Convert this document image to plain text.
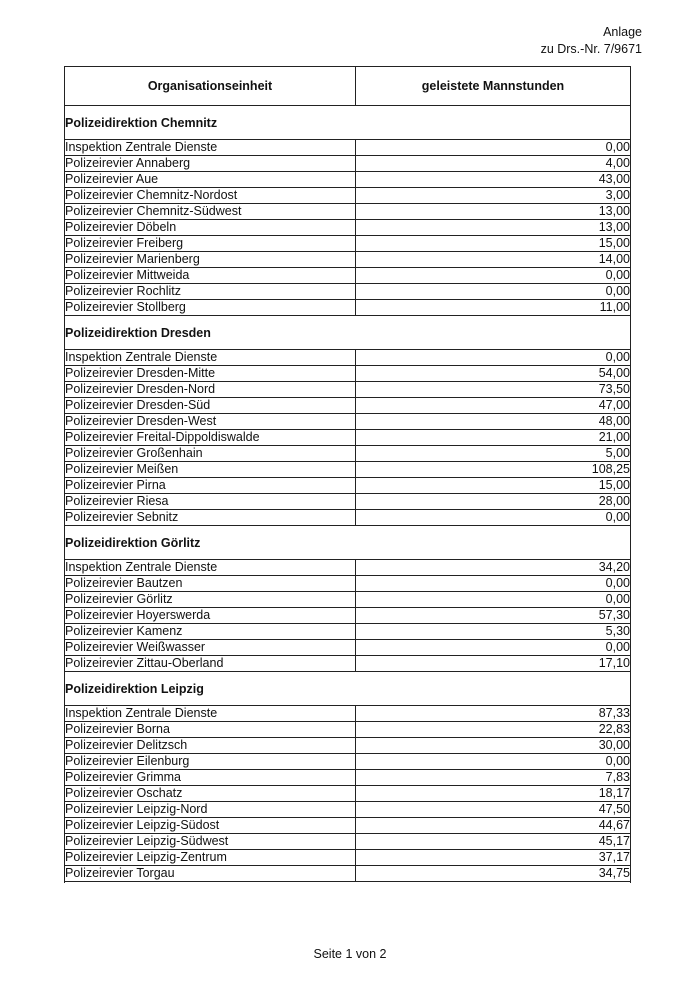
Anlage
zu Drs.-Nr. 7/9671
Organisationseinheit	geleistete Mannstunden
Polizeidirektion Chemnitz	
Inspektion Zentrale Dienste	0,00
Polizeirevier Annaberg	4,00
Polizeirevier Aue	43,00
Polizeirevier Chemnitz-Nordost	3,00
Polizeirevier Chemnitz-Südwest	13,00
Polizeirevier Döbeln	13,00
Polizeirevier Freiberg	15,00
Polizeirevier Marienberg	14,00
Polizeirevier Mittweida	0,00
Polizeirevier Rochlitz	0,00
Polizeirevier Stollberg	11,00
Polizeidirektion Dresden	
Inspektion Zentrale Dienste	0,00
Polizeirevier Dresden-Mitte	54,00
Polizeirevier Dresden-Nord	73,50
Polizeirevier Dresden-Süd	47,00
Polizeirevier Dresden-West	48,00
Polizeirevier Freital-Dippoldiswalde	21,00
Polizeirevier Großenhain	5,00
Polizeirevier Meißen	108,25
Polizeirevier Pirna	15,00
Polizeirevier Riesa	28,00
Polizeirevier Sebnitz	0,00
Polizeidirektion Görlitz	
Inspektion Zentrale Dienste	34,20
Polizeirevier Bautzen	0,00
Polizeirevier Görlitz	0,00
Polizeirevier Hoyerswerda	57,30
Polizeirevier Kamenz	5,30
Polizeirevier Weißwasser	0,00
Polizeirevier Zittau-Oberland	17,10
Polizeidirektion Leipzig	
Inspektion Zentrale Dienste	87,33
Polizeirevier Borna	22,83
Polizeirevier Delitzsch	30,00
Polizeirevier Eilenburg	0,00
Polizeirevier Grimma	7,83
Polizeirevier Oschatz	18,17
Polizeirevier Leipzig-Nord	47,50
Polizeirevier Leipzig-Südost	44,67
Polizeirevier Leipzig-Südwest	45,17
Polizeirevier Leipzig-Zentrum	37,17
Polizeirevier Torgau	34,75

Seite 1 von 2
